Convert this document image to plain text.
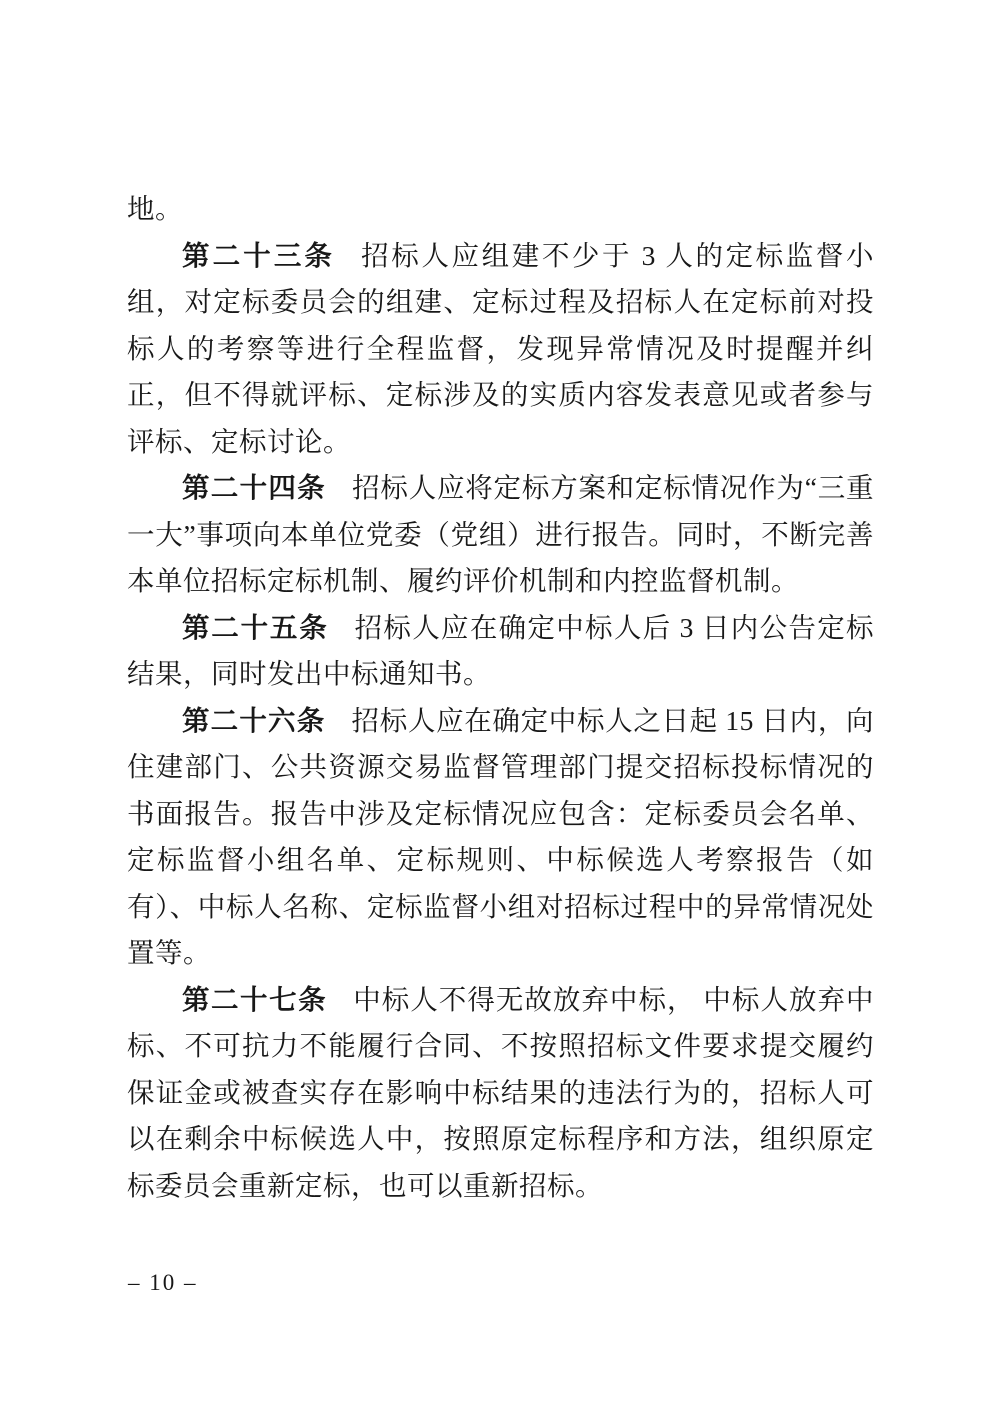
地。

第二十三条 招标人应组建不少于 3 人的定标监督小组，对定标委员会的组建、定标过程及招标人在定标前对投标人的考察等进行全程监督，发现异常情况及时提醒并纠正，但不得就评标、定标涉及的实质内容发表意见或者参与评标、定标讨论。

第二十四条 招标人应将定标方案和定标情况作为“三重一大”事项向本单位党委（党组）进行报告。同时，不断完善本单位招标定标机制、履约评价机制和内控监督机制。

第二十五条 招标人应在确定中标人后 3 日内公告定标结果，同时发出中标通知书。

第二十六条 招标人应在确定中标人之日起 15 日内，向住建部门、公共资源交易监督管理部门提交招标投标情况的书面报告。报告中涉及定标情况应包含：定标委员会名单、定标监督小组名单、定标规则、中标候选人考察报告（如有）、中标人名称、定标监督小组对招标过程中的异常情况处置等。

第二十七条 中标人不得无故放弃中标， 中标人放弃中标、不可抗力不能履行合同、不按照招标文件要求提交履约保证金或被查实存在影响中标结果的违法行为的，招标人可以在剩余中标候选人中，按照原定标程序和方法，组织原定标委员会重新定标，也可以重新招标。

– 10 –
